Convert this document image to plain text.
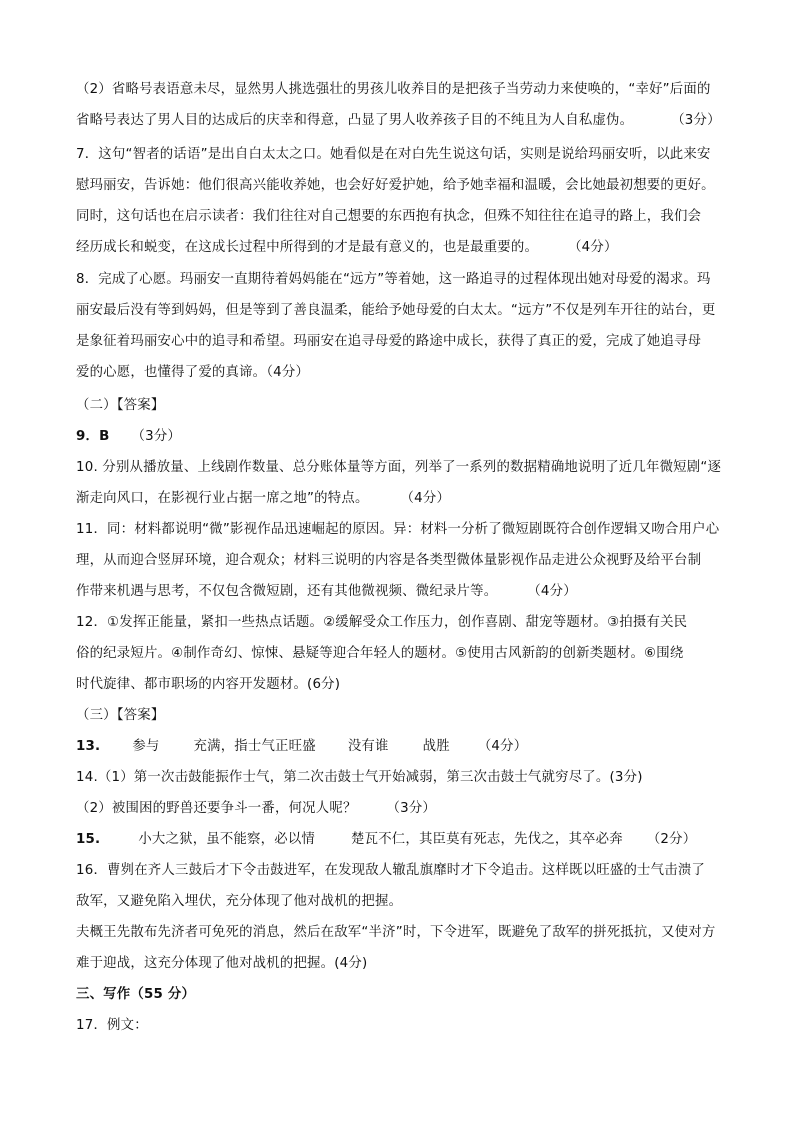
（2）省略号表语意未尽，显然男人挑选强壮的男孩儿收养目的是把孩子当劳动力来使唤的，“幸好”后面的
省略号表达了男人目的达成后的庆幸和得意，凸显了男人收养孩子目的不纯且为人自私虚伪。	（3分）
7．这句“智者的话语”是出自白太太之口。她看似是在对白先生说这句话，实则是说给玛丽安听，以此来安
慰玛丽安，告诉她：他们很高兴能收养她，也会好好爱护她，给予她幸福和温暖，会比她最初想要的更好。
同时，这句话也在启示读者：我们往往对自己想要的东西抱有执念，但殊不知往往在追寻的路上，我们会
经历成长和蜕变，在这成长过程中所得到的才是最有意义的，也是最重要的。 （4分）
8．完成了心愿。玛丽安一直期待着妈妈能在“远方”等着她，这一路追寻的过程体现出她对母爱的渴求。玛
丽安最后没有等到妈妈，但是等到了善良温柔，能给予她母爱的白太太。“远方”不仅是列车开往的站台，更
是象征着玛丽安心中的追寻和希望。玛丽安在追寻母爱的路途中成长，获得了真正的爱，完成了她追寻母
爱的心愿，也懂得了爱的真谛。（4分）
（二）【答案】
9．B （3分）
10. 分别从播放量、上线剧作数量、总分账体量等方面，列举了一系列的数据精确地说明了近几年微短剧“逐
渐走向风口，在影视行业占据一席之地”的特点。 （4分）
11．同：材料都说明“微”影视作品迅速崛起的原因。异：材料一分析了微短剧既符合创作逻辑又吻合用户心
理，从而迎合竖屏环境，迎合观众；材料三说明的内容是各类型微体量影视作品走进公众视野及给平台制
作带来机遇与思考，不仅包含微短剧，还有其他微视频、微纪录片等。 （4分）
12．①发挥正能量，紧扣一些热点话题。②缓解受众工作压力，创作喜剧、甜宠等题材。③拍摄有关民
俗的纪录短片。④制作奇幻、惊悚、悬疑等迎合年轻人的题材。⑤使用古风新韵的创新类题材。⑥围绕
时代旋律、都市职场的内容开发题材。(6分)
（三）【答案】
13. 参与	充满，指士气正旺盛 没有谁	战胜 （4分）
14.（1）第一次击鼓能振作士气，第二次击鼓士气开始减弱，第三次击鼓士气就穷尽了。(3分)
（2）被围困的野兽还要争斗一番，何况人呢？ （3分）
15.	小大之狱，虽不能察，必以情	楚瓦不仁，其臣莫有死志，先伐之，其卒必奔 （2分）
16．曹刿在齐人三鼓后才下令击鼓进军，在发现敌人辙乱旗靡时才下令追击。这样既以旺盛的士气击溃了
敌军，又避免陷入埋伏，充分体现了他对战机的把握。
夫概王先散布先济者可免死的消息，然后在敌军“半济”时，下令进军，既避免了敌军的拼死抵抗，又使对方
难于迎战，这充分体现了他对战机的把握。(4分)
三、写作（55 分）
17．例文：
